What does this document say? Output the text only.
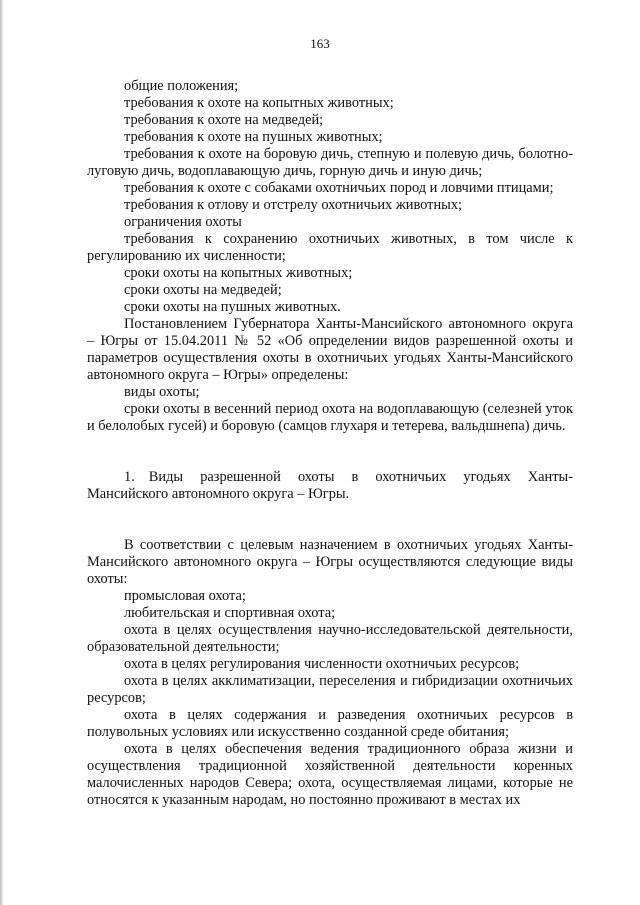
163

общие положения;

требования к охоте на копытных животных;

требования к охоте на медведей;

требования к охоте на пушных животных;

требования к охоте на боровую дичь, степную и полевую дичь, болотно-луговую дичь, водоплавающую дичь, горную дичь и иную дичь;

требования к охоте с собаками охотничьих пород и ловчими птицами;

требования к отлову и отстрелу охотничьих животных;

ограничения охоты

требования к сохранению охотничьих животных, в том числе к регулированию их численности;

сроки охоты на копытных животных;

сроки охоты на медведей;

сроки охоты на пушных животных.

Постановлением Губернатора Ханты-Мансийского автономного округа – Югры от 15.04.2011 № 52 «Об определении видов разрешенной охоты и параметров осуществления охоты в охотничьих угодьях Ханты-Мансийского автономного округа – Югры» определены:

виды охоты;

сроки охоты в весенний период охота на водоплавающую (селезней уток и белолобых гусей) и боровую (самцов глухаря и тетерева, вальдшнепа) дичь.

1. Виды разрешенной охоты в охотничьих угодьях Ханты-Мансийского автономного округа – Югры.

В соответствии с целевым назначением в охотничьих угодьях Ханты-Мансийского автономного округа – Югры осуществляются следующие виды охоты:

промысловая охота;

любительская и спортивная охота;

охота в целях осуществления научно-исследовательской деятельности, образовательной деятельности;

охота в целях регулирования численности охотничьих ресурсов;

охота в целях акклиматизации, переселения и гибридизации охотничьих ресурсов;

охота в целях содержания и разведения охотничьих ресурсов в полувольных условиях или искусственно созданной среде обитания;

охота в целях обеспечения ведения традиционного образа жизни и осуществления традиционной хозяйственной деятельности коренных малочисленных народов Севера; охота, осуществляемая лицами, которые не относятся к указанным народам, но постоянно проживают в местах их
